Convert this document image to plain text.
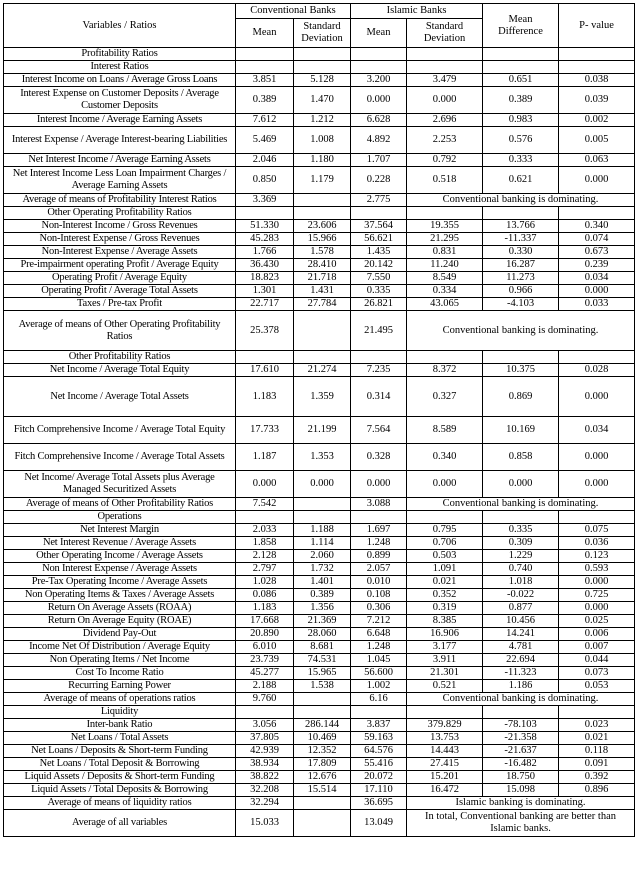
Variables / Ratios	Conventional Banks		Islamic Banks		Mean Difference	P- value
	Mean	Standard Deviation	Mean	Standard Deviation		
Profitability Ratios						
Interest Ratios						
Interest Income on Loans / Average Gross Loans	3.851	5.128	3.200	3.479	0.651	0.038
Interest Expense on Customer Deposits / Average Customer Deposits	0.389	1.470	0.000	0.000	0.389	0.039
Interest Income / Average Earning Assets	7.612	1.212	6.628	2.696	0.983	0.002
Interest Expense / Average Interest-bearing Liabilities	5.469	1.008	4.892	2.253	0.576	0.005
Net Interest Income / Average Earning Assets	2.046	1.180	1.707	0.792	0.333	0.063
Net Interest Income Less Loan Impairment Charges / Average Earning Assets	0.850	1.179	0.228	0.518	0.621	0.000
Average of means of Profitability Interest Ratios	3.369		2.775	Conventional banking is dominating.		
Other Operating Profitability Ratios						
Non-Interest Income / Gross Revenues	51.330	23.606	37.564	19.355	13.766	0.340
Non-Interest Expense / Gross Revenues	45.283	15.966	56.621	21.295	-11.337	0.074
Non-Interest Expense / Average Assets	1.766	1.578	1.435	0.831	0.330	0.673
Pre-impairment operating Profit / Average Equity	36.430	28.410	20.142	11.240	16.287	0.239
Operating Profit / Average Equity	18.823	21.718	7.550	8.549	11.273	0.034
Operating Profit / Average Total Assets	1.301	1.431	0.335	0.334	0.966	0.000
Taxes / Pre-tax Profit	22.717	27.784	26.821	43.065	-4.103	0.033
Average of means of Other Operating Profitability Ratios	25.378		21.495	Conventional banking is dominating.		
Other Profitability Ratios						
Net Income / Average Total Equity	17.610	21.274	7.235	8.372	10.375	0.028
Net Income / Average Total Assets	1.183	1.359	0.314	0.327	0.869	0.000
Fitch Comprehensive Income / Average Total Equity	17.733	21.199	7.564	8.589	10.169	0.034
Fitch Comprehensive Income / Average Total Assets	1.187	1.353	0.328	0.340	0.858	0.000
Net Income/ Average Total Assets plus Average Managed Securitized Assets	0.000	0.000	0.000	0.000	0.000	0.000
Average of means of Other Profitability Ratios	7.542		3.088	Conventional banking is dominating.		
Operations						
Net Interest Margin	2.033	1.188	1.697	0.795	0.335	0.075
Net Interest Revenue / Average Assets	1.858	1.114	1.248	0.706	0.309	0.036
Other Operating Income / Average Assets	2.128	2.060	0.899	0.503	1.229	0.123
Non Interest Expense / Average Assets	2.797	1.732	2.057	1.091	0.740	0.593
Pre-Tax Operating Income / Average Assets	1.028	1.401	0.010	0.021	1.018	0.000
Non Operating Items & Taxes / Average Assets	0.086	0.389	0.108	0.352	-0.022	0.725
Return On Average Assets (ROAA)	1.183	1.356	0.306	0.319	0.877	0.000
Return On Average Equity (ROAE)	17.668	21.369	7.212	8.385	10.456	0.025
Dividend Pay-Out	20.890	28.060	6.648	16.906	14.241	0.006
Income Net Of Distribution / Average Equity	6.010	8.681	1.248	3.177	4.781	0.007
Non Operating Items / Net Income	23.739	74.531	1.045	3.911	22.694	0.044
Cost To Income Ratio	45.277	15.965	56.600	21.301	-11.323	0.073
Recurring Earning Power	2.188	1.538	1.002	0.521	1.186	0.053
Average of means of operations ratios	9.760		6.16	Conventional banking is dominating.		
Liquidity						
Inter-bank Ratio	3.056	286.144	3.837	379.829	-78.103	0.023
Net Loans / Total Assets	37.805	10.469	59.163	13.753	-21.358	0.021
Net Loans / Deposits & Short-term Funding	42.939	12.352	64.576	14.443	-21.637	0.118
Net Loans / Total Deposit & Borrowing	38.934	17.809	55.416	27.415	-16.482	0.091
Liquid Assets / Deposits & Short-term Funding	38.822	12.676	20.072	15.201	18.750	0.392
Liquid Assets / Total Deposits & Borrowing	32.208	15.514	17.110	16.472	15.098	0.896
Average of means of liquidity ratios	32.294		36.695	Islamic banking is dominating.		
Average of all variables	15.033		13.049	In total, Conventional banking are better than Islamic banks.		
